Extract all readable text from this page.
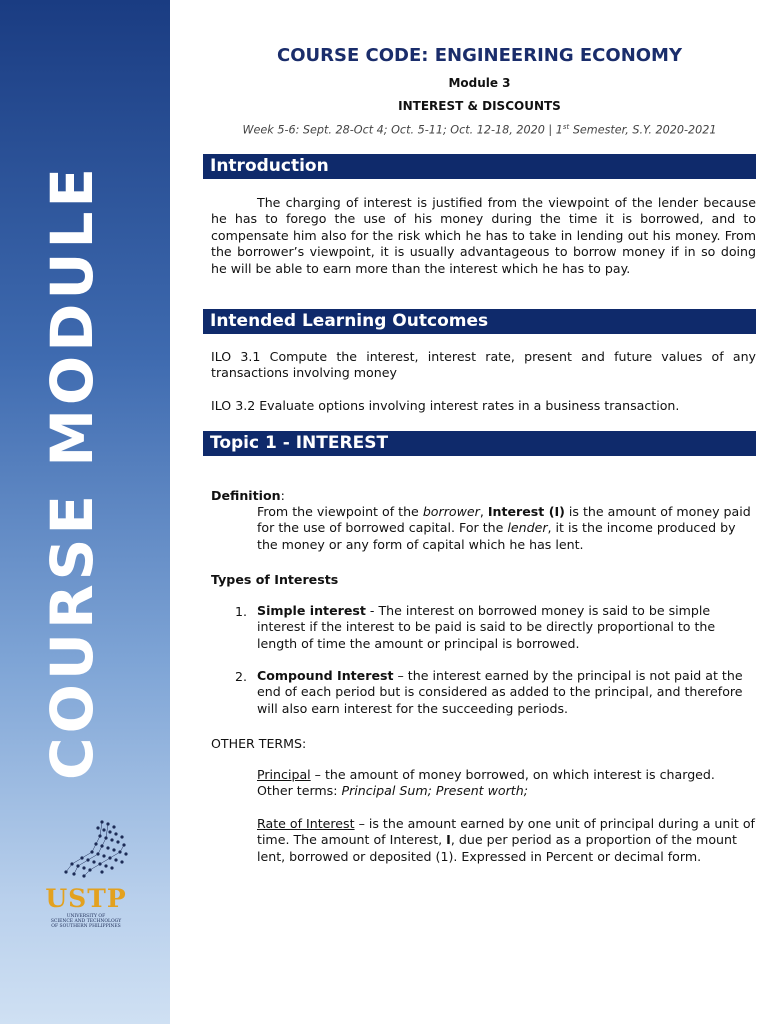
COURSE MODULE
USTP
UNIVERSITY OF
SCIENCE AND TECHNOLOGY
OF SOUTHERN PHILIPPINES
COURSE CODE: ENGINEERING ECONOMY
Module 3
INTEREST & DISCOUNTS
Week 5-6: Sept. 28-Oct 4; Oct. 5-11; Oct. 12-18, 2020 | 1st Semester, S.Y. 2020-2021
Introduction
The charging of interest is justified from the viewpoint of the lender because he has to forego the use of his money during the time it is borrowed, and to compensate him also for the risk which he has to take in lending out his money. From the borrower’s viewpoint, it is usually advantageous to borrow money if in so doing he will be able to earn more than the interest which he has to pay.
Intended Learning Outcomes
ILO 3.1 Compute the interest, interest rate, present and future values of any transactions involving money
ILO 3.2 Evaluate options involving interest rates in a business transaction.
Topic 1 - INTEREST
Definition:
From the viewpoint of the borrower, Interest (I) is the amount of money paid for the use of borrowed capital. For the lender, it is the income produced by the money or any form of capital which he has lent.
Types of Interests
1. Simple interest - The interest on borrowed money is said to be simple interest if the interest to be paid is said to be directly proportional to the length of time the amount or principal is borrowed.
2. Compound Interest – the interest earned by the principal is not paid at the end of each period but is considered as added to the principal, and therefore will also earn interest for the succeeding periods.
OTHER TERMS:
Principal – the amount of money borrowed, on which interest is charged. Other terms: Principal Sum; Present worth;
Rate of Interest – is the amount earned by one unit of principal during a unit of time. The amount of Interest, I, due per period as a proportion of the mount lent, borrowed or deposited (1). Expressed in Percent or decimal form.
